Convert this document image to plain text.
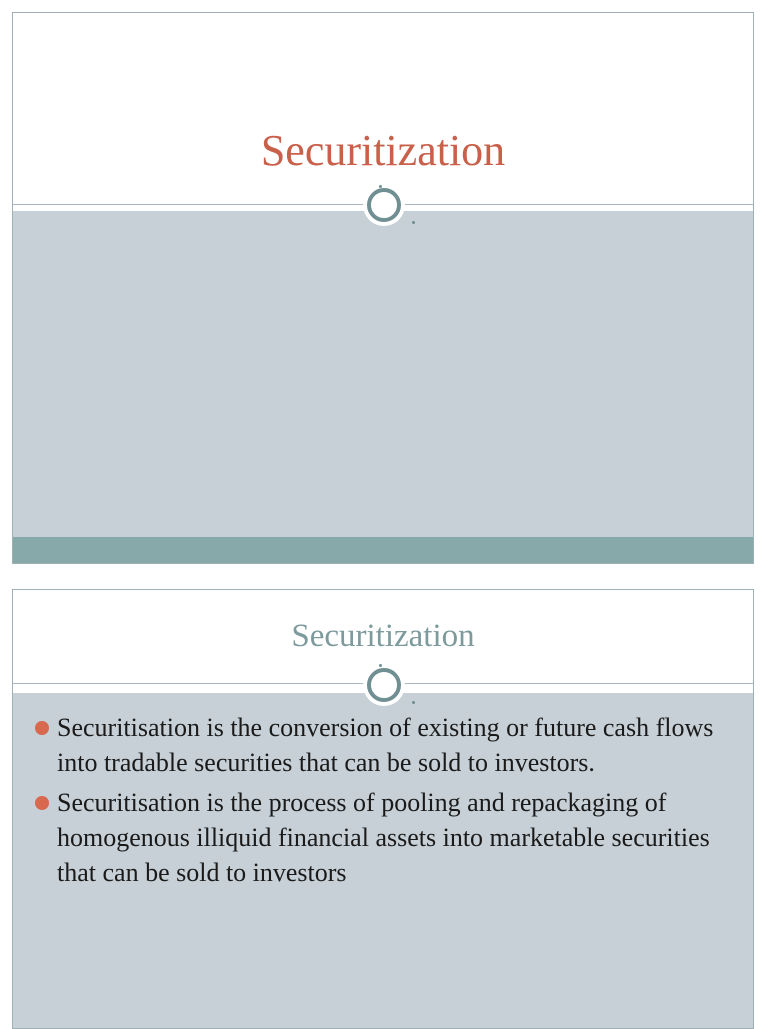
Securitization
Securitization
Securitisation is the conversion of existing or future cash flows into tradable securities that can be sold to investors.
Securitisation is the process of pooling and repackaging of homogenous illiquid financial assets into marketable securities that can be sold to investors
